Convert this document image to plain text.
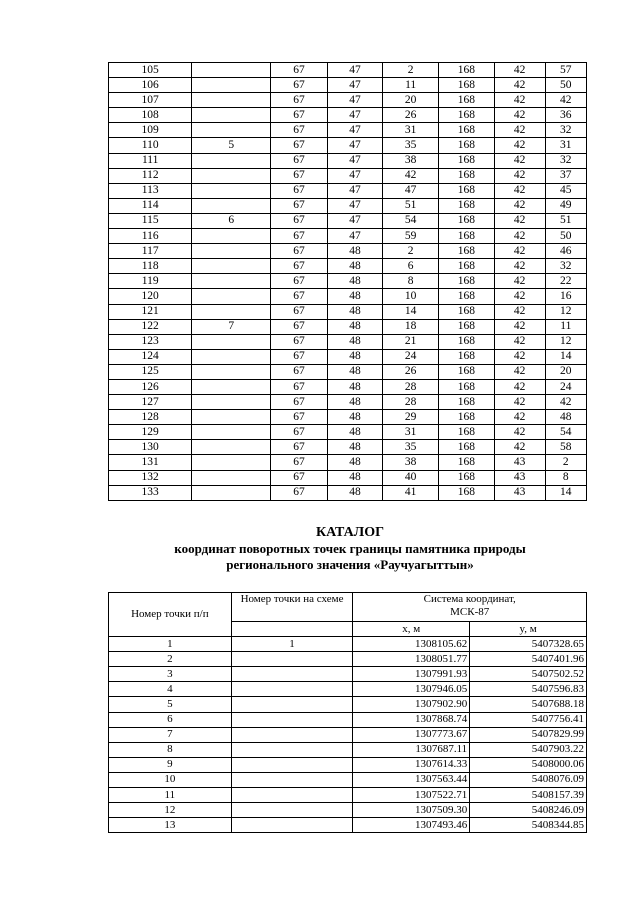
105		67	47	2	168	42	57
106		67	47	11	168	42	50
107		67	47	20	168	42	42
108		67	47	26	168	42	36
109		67	47	31	168	42	32
110	5	67	47	35	168	42	31
111		67	47	38	168	42	32
112		67	47	42	168	42	37
113		67	47	47	168	42	45
114		67	47	51	168	42	49
115	6	67	47	54	168	42	51
116		67	47	59	168	42	50
117		67	48	2	168	42	46
118		67	48	6	168	42	32
119		67	48	8	168	42	22
120		67	48	10	168	42	16
121		67	48	14	168	42	12
122	7	67	48	18	168	42	11
123		67	48	21	168	42	12
124		67	48	24	168	42	14
125		67	48	26	168	42	20
126		67	48	28	168	42	24
127		67	48	28	168	42	42
128		67	48	29	168	42	48
129		67	48	31	168	42	54
130		67	48	35	168	42	58
131		67	48	38	168	43	2
132		67	48	40	168	43	8
133		67	48	41	168	43	14
КАТАЛОГ
координат поворотных точек границы памятника природы
регионального значения «Раучуагыттын»
Номер точки п/п	Номер точки на схеме	Система координат,
МСК-87	

		x, м	y, м
1	1	1308105.62	5407328.65
2		1308051.77	5407401.96
3		1307991.93	5407502.52
4		1307946.05	5407596.83
5		1307902.90	5407688.18
6		1307868.74	5407756.41
7		1307773.67	5407829.99
8		1307687.11	5407903.22
9		1307614.33	5408000.06
10		1307563.44	5408076.09
11		1307522.71	5408157.39
12		1307509.30	5408246.09
13		1307493.46	5408344.85
